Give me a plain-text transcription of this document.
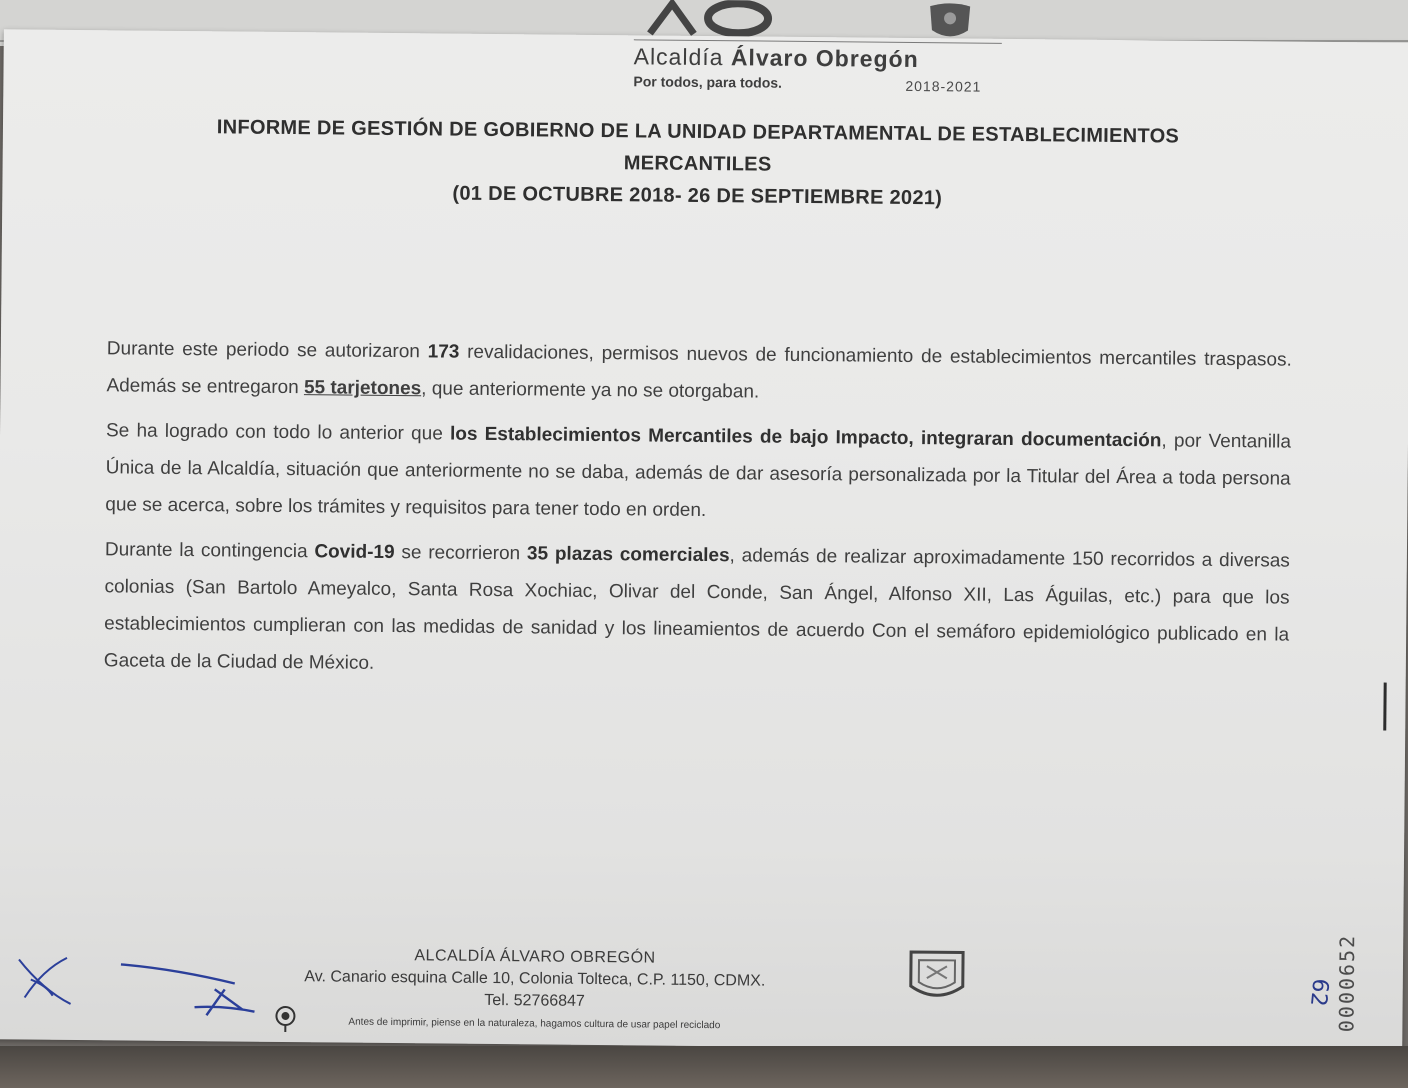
Alcaldía Álvaro Obregón
Por todos, para todos.	2018-2021
INFORME DE GESTIÓN DE GOBIERNO DE LA UNIDAD DEPARTAMENTAL DE ESTABLECIMIENTOS
MERCANTILES
(01 DE OCTUBRE 2018- 26 DE SEPTIEMBRE 2021)

Durante este periodo se autorizaron 173 revalidaciones, permisos nuevos de funcionamiento de establecimientos mercantiles traspasos. Además se entregaron 55 tarjetones, que anteriormente ya no se otorgaban.

Se ha logrado con todo lo anterior que los Establecimientos Mercantiles de bajo Impacto, integraran documentación, por Ventanilla Única de la Alcaldía, situación que anteriormente no se daba, además de dar asesoría personalizada por la Titular del Área a toda persona que se acerca, sobre los trámites y requisitos para tener todo en orden.

Durante la contingencia Covid-19 se recorrieron 35 plazas comerciales, además de realizar aproximadamente 150 recorridos a diversas colonias (San Bartolo Ameyalco, Santa Rosa Xochiac, Olivar del Conde, San Ángel, Alfonso XII, Las Águilas, etc.) para que los establecimientos cumplieran con las medidas de sanidad y los lineamientos de acuerdo Con el semáforo epidemiológico publicado en la Gaceta de la Ciudad de México.

ALCALDÍA ÁLVARO OBREGÓN
Av. Canario esquina Calle 10, Colonia Tolteca, C.P. 1150, CDMX.
Tel. 52766847
Antes de imprimir, piense en la naturaleza, hagamos cultura de usar papel reciclado	0000652
62
